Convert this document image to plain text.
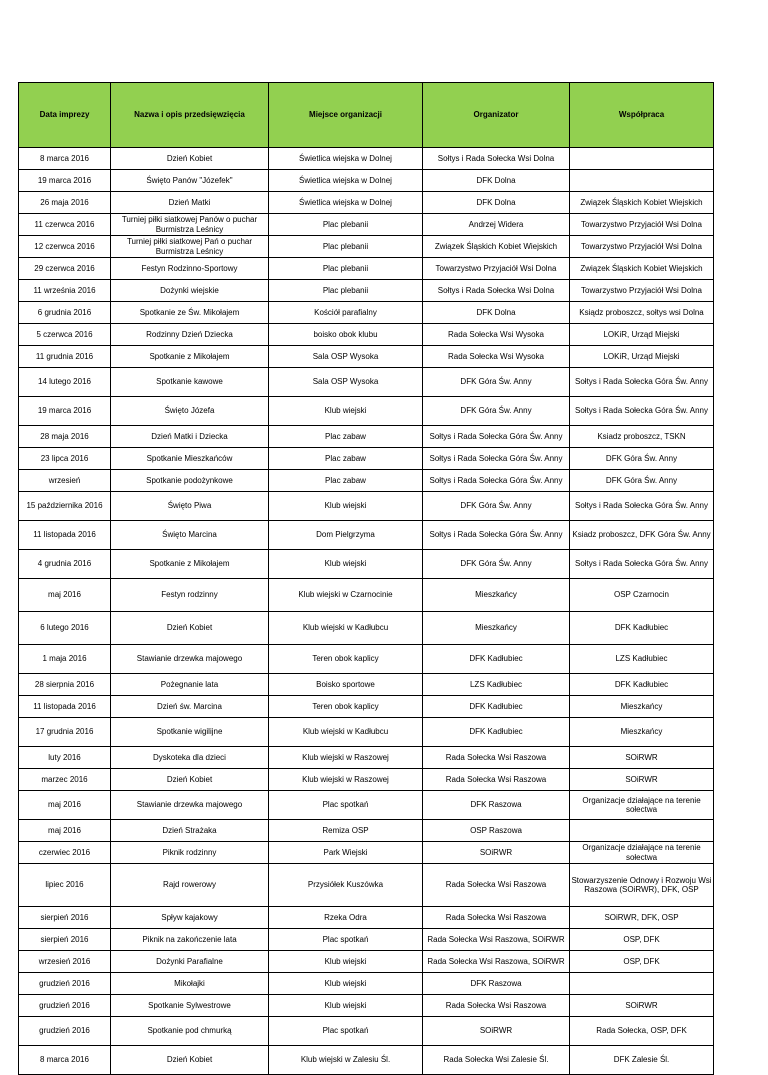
Data imprezy	Nazwa i opis przedsięwzięcia	Miejsce organizacji	Organizator	Współpraca
8 marca 2016	Dzień Kobiet	Świetlica wiejska w Dolnej	Sołtys i Rada Sołecka Wsi Dolna	
19 marca 2016	Święto Panów "Józefek"	Świetlica wiejska w Dolnej	DFK Dolna	
26 maja 2016	Dzień Matki	Świetlica wiejska w Dolnej	DFK Dolna	Związek Śląskich Kobiet Wiejskich
11 czerwca 2016	Turniej piłki siatkowej Panów o puchar Burmistrza Leśnicy	Plac plebanii	Andrzej Widera	Towarzystwo Przyjaciół Wsi Dolna
12 czerwca 2016	Turniej piłki siatkowej Pań o puchar Burmistrza Leśnicy	Plac plebanii	Związek Śląskich Kobiet Wiejskich	Towarzystwo Przyjaciół Wsi Dolna
29 czerwca 2016	Festyn Rodzinno-Sportowy	Plac plebanii	Towarzystwo Przyjaciół Wsi Dolna	Związek Śląskich Kobiet Wiejskich
11 września 2016	Dożynki wiejskie	Plac plebanii	Sołtys i Rada Sołecka Wsi Dolna	Towarzystwo Przyjaciół Wsi Dolna
6 grudnia 2016	Spotkanie ze Św. Mikołajem	Kościół parafialny	DFK Dolna	Ksiądz proboszcz, sołtys wsi Dolna
5 czerwca 2016	Rodzinny Dzień Dziecka	boisko obok klubu	Rada Sołecka Wsi Wysoka	LOKiR, Urząd Miejski
11 grudnia 2016	Spotkanie z Mikołajem	Sala OSP Wysoka	Rada Sołecka Wsi Wysoka	LOKiR, Urząd Miejski
14 lutego 2016	Spotkanie kawowe	Sala OSP Wysoka	DFK Góra Św. Anny	Sołtys i Rada Sołecka Góra Św. Anny
19 marca 2016	Święto Józefa	Klub wiejski	DFK Góra Św. Anny	Sołtys i Rada Sołecka Góra Św. Anny
28 maja 2016	Dzień Matki i Dziecka	Plac zabaw	Sołtys i Rada Sołecka Góra Św. Anny	Ksiadz proboszcz, TSKN
23 lipca 2016	Spotkanie Mieszkańców	Plac zabaw	Sołtys i Rada Sołecka Góra Św. Anny	DFK Góra Św. Anny
wrzesień	Spotkanie podożynkowe	Plac zabaw	Sołtys i Rada Sołecka Góra Św. Anny	DFK Góra Św. Anny
15 października 2016	Święto Piwa	Klub wiejski	DFK Góra Św. Anny	Sołtys i Rada Sołecka Góra Św. Anny
11 listopada 2016	Święto Marcina	Dom Pielgrzyma	Sołtys i Rada Sołecka Góra Św. Anny	Ksiadz proboszcz, DFK Góra Św. Anny
4 grudnia 2016	Spotkanie z Mikołajem	Klub wiejski	DFK Góra Św. Anny	Sołtys i Rada Sołecka Góra Św. Anny
maj 2016	Festyn rodzinny	Klub wiejski w Czarnocinie	Mieszkańcy	OSP Czarnocin
6 lutego 2016	Dzień Kobiet	Klub wiejski w Kadłubcu	Mieszkańcy	DFK Kadłubiec
1 maja 2016	Stawianie drzewka majowego	Teren obok kaplicy	DFK Kadłubiec	LZS Kadłubiec
28 sierpnia 2016	Pożegnanie lata	Boisko sportowe	LZS Kadłubiec	DFK Kadłubiec
11 listopada 2016	Dzień św. Marcina	Teren obok kaplicy	DFK Kadłubiec	Mieszkańcy
17 grudnia 2016	Spotkanie wigilijne	Klub wiejski w Kadłubcu	DFK Kadłubiec	Mieszkańcy
luty 2016	Dyskoteka dla dzieci	Klub wiejski w Raszowej	Rada Sołecka Wsi Raszowa	SOiRWR
marzec 2016	Dzień Kobiet	Klub wiejski w Raszowej	Rada Sołecka Wsi Raszowa	SOiRWR
maj 2016	Stawianie drzewka majowego	Plac spotkań	DFK Raszowa	Organizacje działające na terenie sołectwa
maj 2016	Dzień Strażaka	Remiza OSP	OSP Raszowa	
czerwiec 2016	Piknik rodzinny	Park Wiejski	SOiRWR	Organizacje działające na terenie sołectwa
lipiec 2016	Rajd rowerowy	Przysiółek Kuszówka	Rada Sołecka Wsi Raszowa	Stowarzyszenie Odnowy i Rozwoju Wsi Raszowa (SOiRWR), DFK, OSP
sierpień 2016	Spływ kajakowy	Rzeka Odra	Rada Sołecka Wsi Raszowa	SOiRWR, DFK, OSP
sierpień 2016	Piknik na zakończenie lata	Plac spotkań	Rada Sołecka Wsi Raszowa, SOiRWR	OSP, DFK
wrzesień 2016	Dożynki Parafialne	Klub wiejski	Rada Sołecka Wsi Raszowa, SOiRWR	OSP, DFK
grudzień 2016	Mikołajki	Klub wiejski	DFK Raszowa	
grudzień 2016	Spotkanie Sylwestrowe	Klub wiejski	Rada Sołecka Wsi Raszowa	SOiRWR
grudzień 2016	Spotkanie pod chmurką	Plac spotkań	SOiRWR	Rada Sołecka, OSP, DFK
8 marca 2016	Dzień Kobiet	Klub wiejski w Zalesiu Śl.	Rada Sołecka Wsi Zalesie Śl.	DFK Zalesie Śl.
